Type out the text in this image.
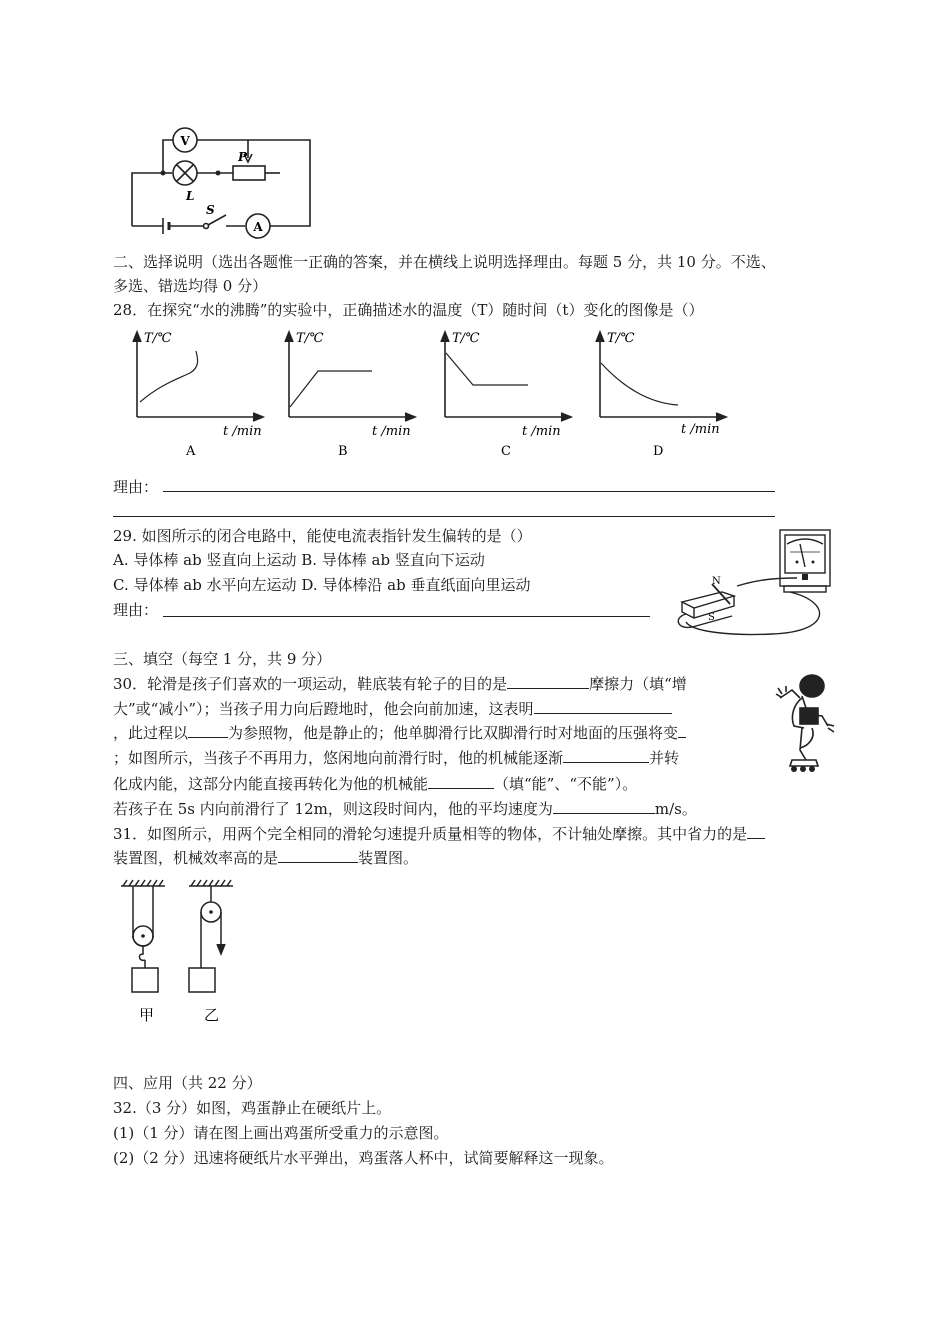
V
A
L
P
S
二、选择说明（选出各题惟一正确的答案，并在横线上说明选择理由。每题 5 分，共 10 分。不选、
多选、错选均得 0 分）
28．在探究“水的沸腾”的实验中，正确描述水的温度（T）随时间（t）变化的图像是（）
T/℃
t /min
A
T/℃
t /min
B
T/℃
t /min
C
T/℃
t /min
D
理由：
29. 如图所示的闭合电路中，能使电流表指针发生偏转的是（）
A. 导体棒 ab 竖直向上运动 B. 导体棒 ab 竖直向下运动
C. 导体棒 ab 水平向左运动 D. 导体棒沿 ab 垂直纸面向里运动
理由：
N
S
三、填空（每空 1 分，共 9 分）
30．轮滑是孩子们喜欢的一项运动，鞋底装有轮子的目的是	摩擦力（填“增
大”或“减小”）；当孩子用力向后蹬地时，他会向前加速，这表明
，此过程以	为参照物，他是静止的；他单脚滑行比双脚滑行时对地面的压强将变
；如图所示，当孩子不再用力，悠闲地向前滑行时，他的机械能逐渐	并转
化成内能，这部分内能直接再转化为他的机械能	（填“能”、“不能”）。
若孩子在 5s 内向前滑行了 12m，则这段时间内，他的平均速度为	m/s。
31．如图所示，用两个完全相同的滑轮匀速提升质量相等的物体，不计轴处摩擦。其中省力的是
装置图，机械效率高的是	装置图。
甲	乙
四、应用（共 22 分）
32.（3 分）如图，鸡蛋静止在硬纸片上。
(1)（1 分）请在图上画出鸡蛋所受重力的示意图。
(2)（2 分）迅速将硬纸片水平弹出，鸡蛋落人杯中，试简要解释这一现象。
